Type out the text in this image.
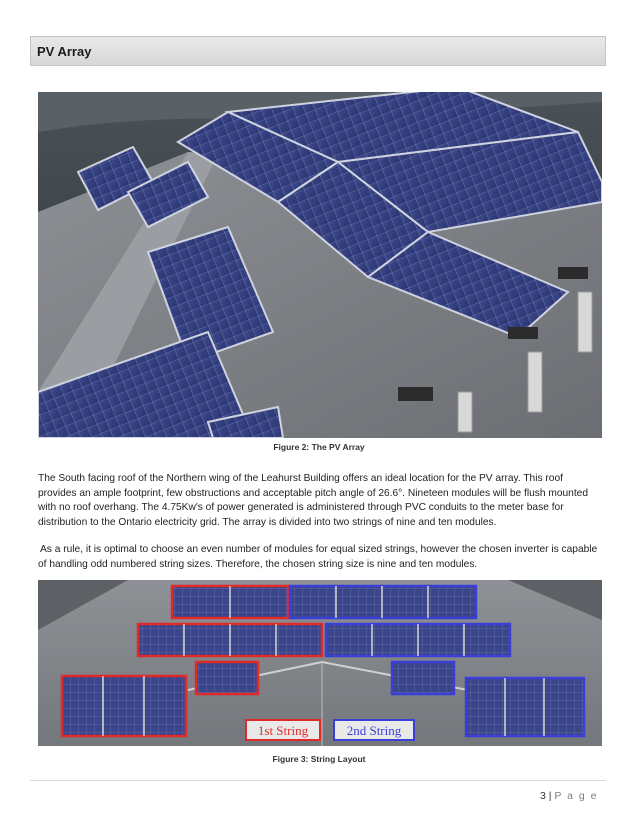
PV Array
Figure 2: The PV Array

The South facing roof of the Northern wing of the Leahurst Building offers an ideal location for the PV array. This roof provides an ample footprint, few obstructions and acceptable pitch angle of 26.6°. Nineteen modules will be flush mounted with no roof overhang. The 4.75Kw's of power generated is administered through PVC conduits to the meter base for distribution to the Ontario electricity grid. The array is divided into two strings of nine and ten modules.

As a rule, it is optimal to choose an even number of modules for equal sized strings, however the chosen inverter is capable of handling odd numbered string sizes. Therefore, the chosen string size is nine and ten modules.

1st String	2nd String
Figure 3: String Layout
3 | P a g e
